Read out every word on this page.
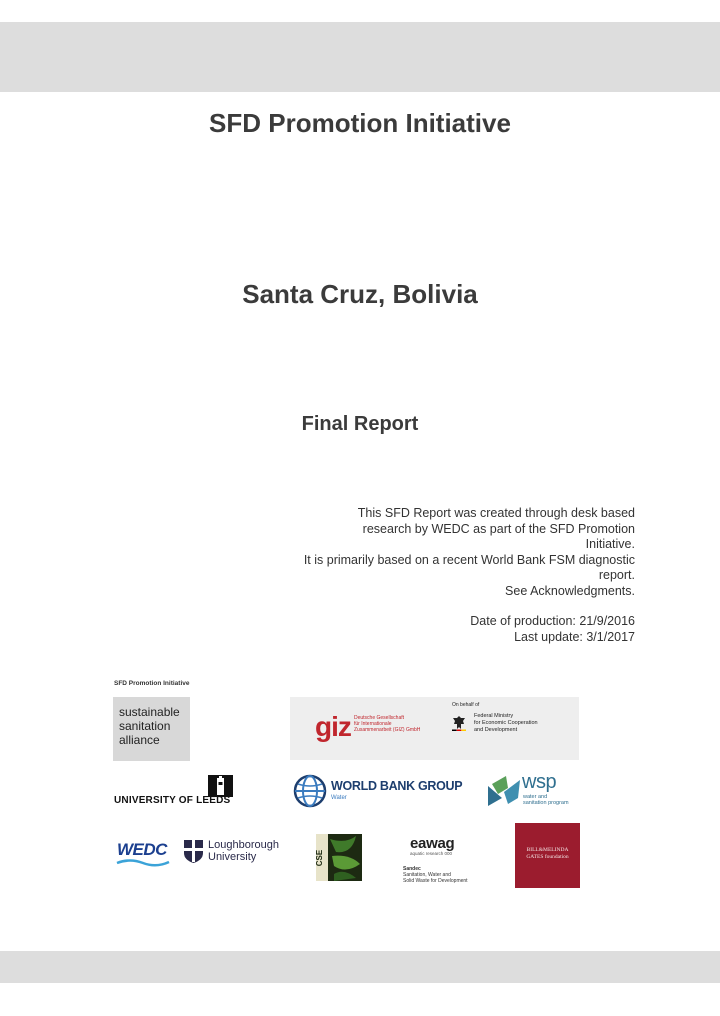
SFD Promotion Initiative
Santa Cruz, Bolivia
Final Report
This SFD Report was created through desk based
research by WEDC as part of the SFD Promotion
Initiative.
It is primarily based on a recent World Bank FSM diagnostic
report.
See Acknowledgments.
Date of production: 21/9/2016
Last update: 3/1/2017
SFD Promotion Initiative
sustainable
sanitation
alliance	giz Deutsche Gesellschaft
für Internationale
Zusammenarbeit (GIZ) GmbH
On behalf of
Federal Ministry
for Economic Cooperation
and Development
UNIVERSITY OF LEEDS
WORLD BANK GROUP
Water
wsp
water and
sanitation program
WEDC	Loughborough
University	CSE
eawag
aquatic research 000
Sandec
Sanitation, Water and
Solid Waste for Development
BILL&MELINDA
GATES foundation
